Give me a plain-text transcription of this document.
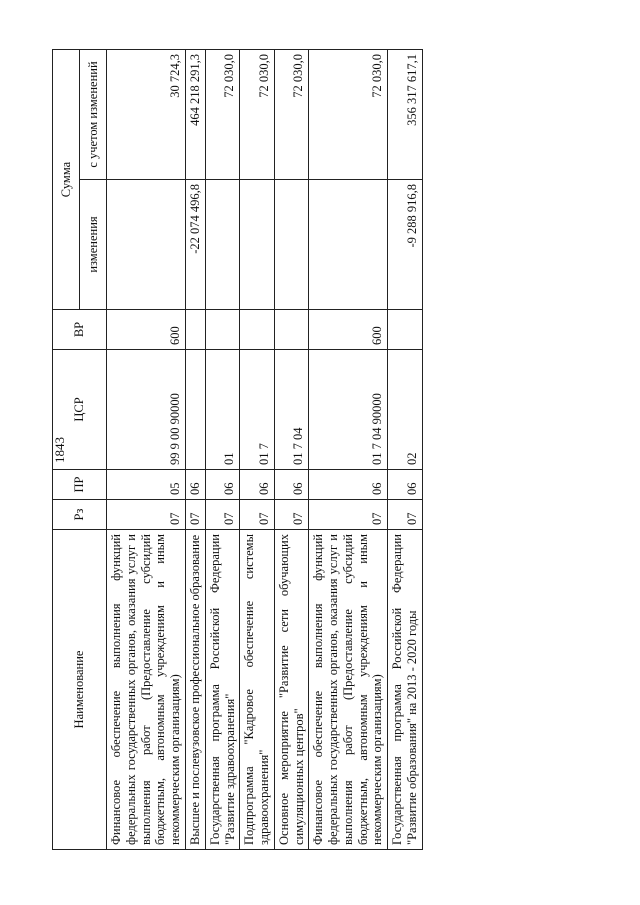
1843
Наименование	Рз	ПР	ЦСР	ВР	Сумма	
					изменения	с учетом изменений
Финансовое обеспечение выполнения функций федеральных государственных органов, оказания услуг и выполнения работ (Предоставление субсидий бюджетным, автономным учреждениям и иным некоммерческим организациям)	07	05	99 9 00 90000	600		30 724,3
Высшее и послевузовское профессиональное образование	07	06			-22 074 496,8	464 218 291,3
Государственная программа Российской Федерации "Развитие здравоохранения"	07	06	01			72 030,0
Подпрограмма "Кадровое обеспечение системы здравоохранения"	07	06	01 7			72 030,0
Основное мероприятие "Развитие сети обучающих симуляционных центров"	07	06	01 7 04			72 030,0
Финансовое обеспечение выполнения функций федеральных государственных органов, оказания услуг и выполнения работ (Предоставление субсидий бюджетным, автономным учреждениям и иным некоммерческим организациям)	07	06	01 7 04 90000	600		72 030,0
Государственная программа Российской Федерации "Развитие образования" на 2013 - 2020 годы	07	06	02		-9 288 916,8	356 317 617,1
